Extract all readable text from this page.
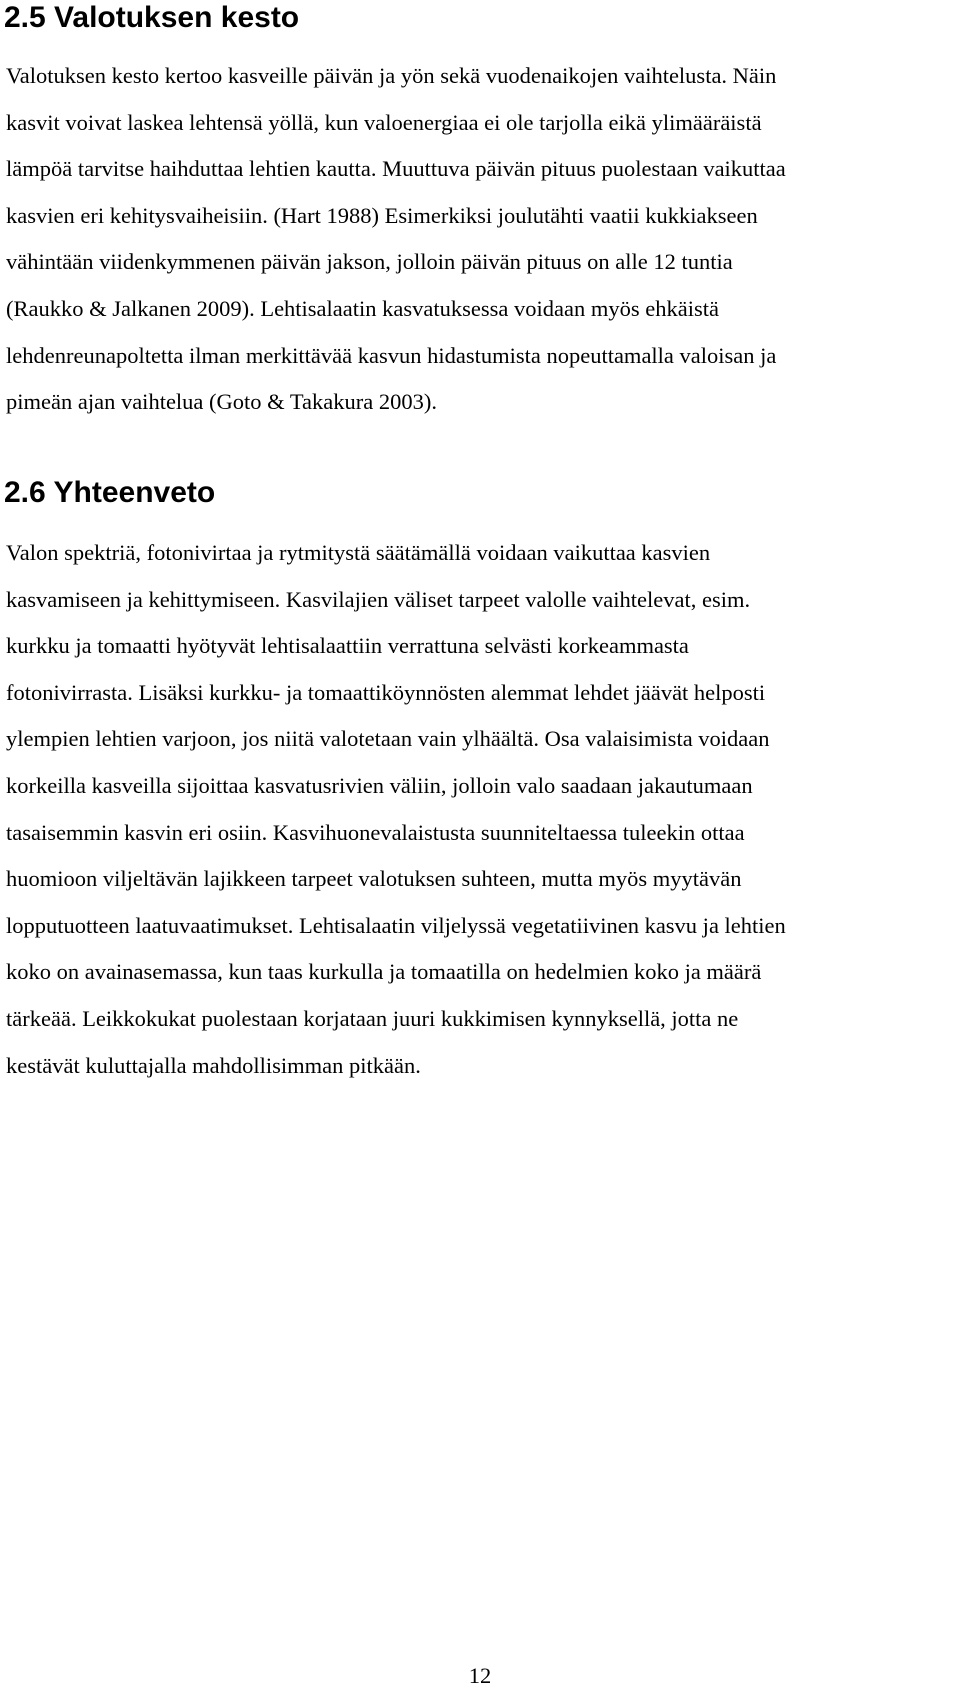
2.5 Valotuksen kesto

Valotuksen kesto kertoo kasveille päivän ja yön sekä vuodenaikojen vaihtelusta. Näin
kasvit voivat laskea lehtensä yöllä, kun valoenergiaa ei ole tarjolla eikä ylimääräistä
lämpöä tarvitse haihduttaa lehtien kautta. Muuttuva päivän pituus puolestaan vaikuttaa
kasvien eri kehitysvaiheisiin. (Hart 1988) Esimerkiksi joulutähti vaatii kukkiakseen
vähintään viidenkymmenen päivän jakson, jolloin päivän pituus on alle 12 tuntia
(Raukko & Jalkanen 2009). Lehtisalaatin kasvatuksessa voidaan myös ehkäistä
lehdenreunapoltetta ilman merkittävää kasvun hidastumista nopeuttamalla valoisan ja
pimeän ajan vaihtelua (Goto & Takakura 2003).

2.6 Yhteenveto

Valon spektriä, fotonivirtaa ja rytmitystä säätämällä voidaan vaikuttaa kasvien
kasvamiseen ja kehittymiseen. Kasvilajien väliset tarpeet valolle vaihtelevat, esim.
kurkku ja tomaatti hyötyvät lehtisalaattiin verrattuna selvästi korkeammasta
fotonivirrasta. Lisäksi kurkku- ja tomaattiköynnösten alemmat lehdet jäävät helposti
ylempien lehtien varjoon, jos niitä valotetaan vain ylhäältä. Osa valaisimista voidaan
korkeilla kasveilla sijoittaa kasvatusrivien väliin, jolloin valo saadaan jakautumaan
tasaisemmin kasvin eri osiin. Kasvihuonevalaistusta suunniteltaessa tuleekin ottaa
huomioon viljeltävän lajikkeen tarpeet valotuksen suhteen, mutta myös myytävän
lopputuotteen laatuvaatimukset. Lehtisalaatin viljelyssä vegetatiivinen kasvu ja lehtien
koko on avainasemassa, kun taas kurkulla ja tomaatilla on hedelmien koko ja määrä
tärkeää. Leikkokukat puolestaan korjataan juuri kukkimisen kynnyksellä, jotta ne
kestävät kuluttajalla mahdollisimman pitkään.

12
